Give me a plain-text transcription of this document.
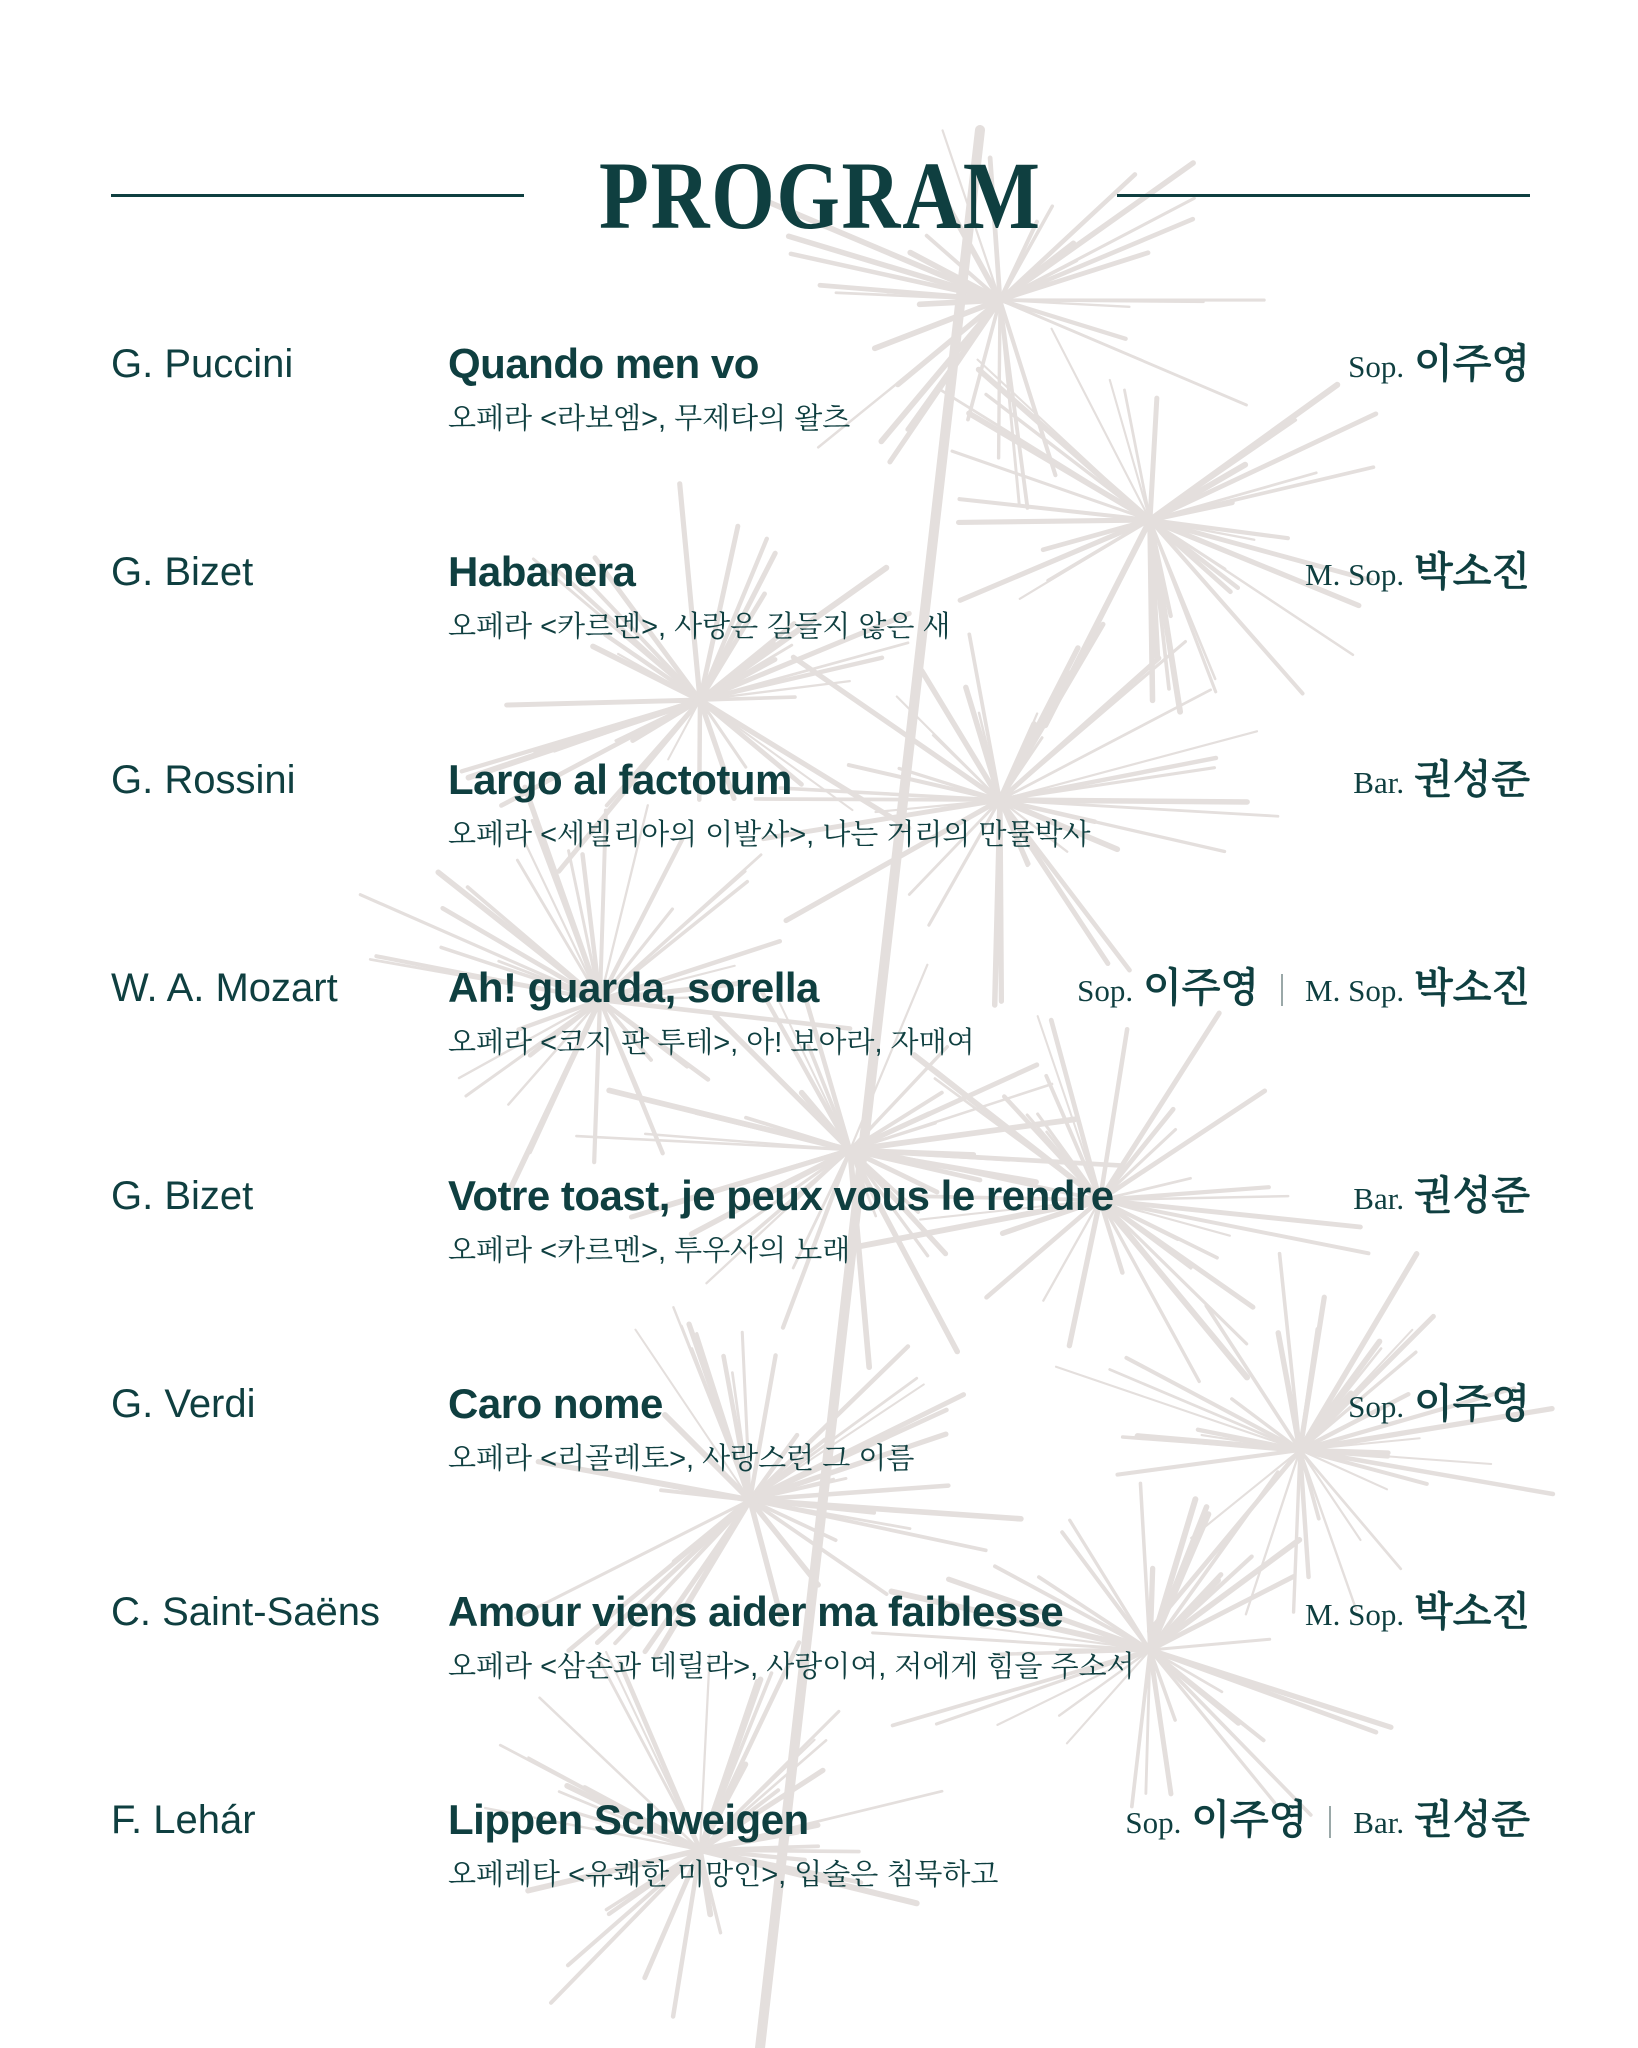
PROGRAM
G. Puccini	Quando men vo
오페라 <라보엠>, 무제타의 왈츠
Sop. 이주영
G. Bizet	Habanera
오페라 <카르멘>, 사랑은 길들지 않은 새
M. Sop. 박소진
G. Rossini	Largo al factotum
오페라 <세빌리아의 이발사>, 나는 거리의 만물박사
Bar. 권성준
W. A. Mozart	Ah! guarda, sorella
오페라 <코지 판 투테>, 아! 보아라, 자매여
Sop. 이주영 M. Sop. 박소진
G. Bizet	Votre toast, je peux vous le rendre
오페라 <카르멘>, 투우사의 노래
Bar. 권성준
G. Verdi	Caro nome
오페라 <리골레토>, 사랑스런 그 이름
Sop. 이주영
C. Saint-Saëns Amour viens aider ma faiblesse
오페라 <삼손과 데릴라>, 사랑이여, 저에게 힘을 주소서
M. Sop. 박소진
F. Lehár	Lippen Schweigen
오페레타 <유쾌한 미망인>, 입술은 침묵하고
Sop. 이주영 Bar. 권성준
